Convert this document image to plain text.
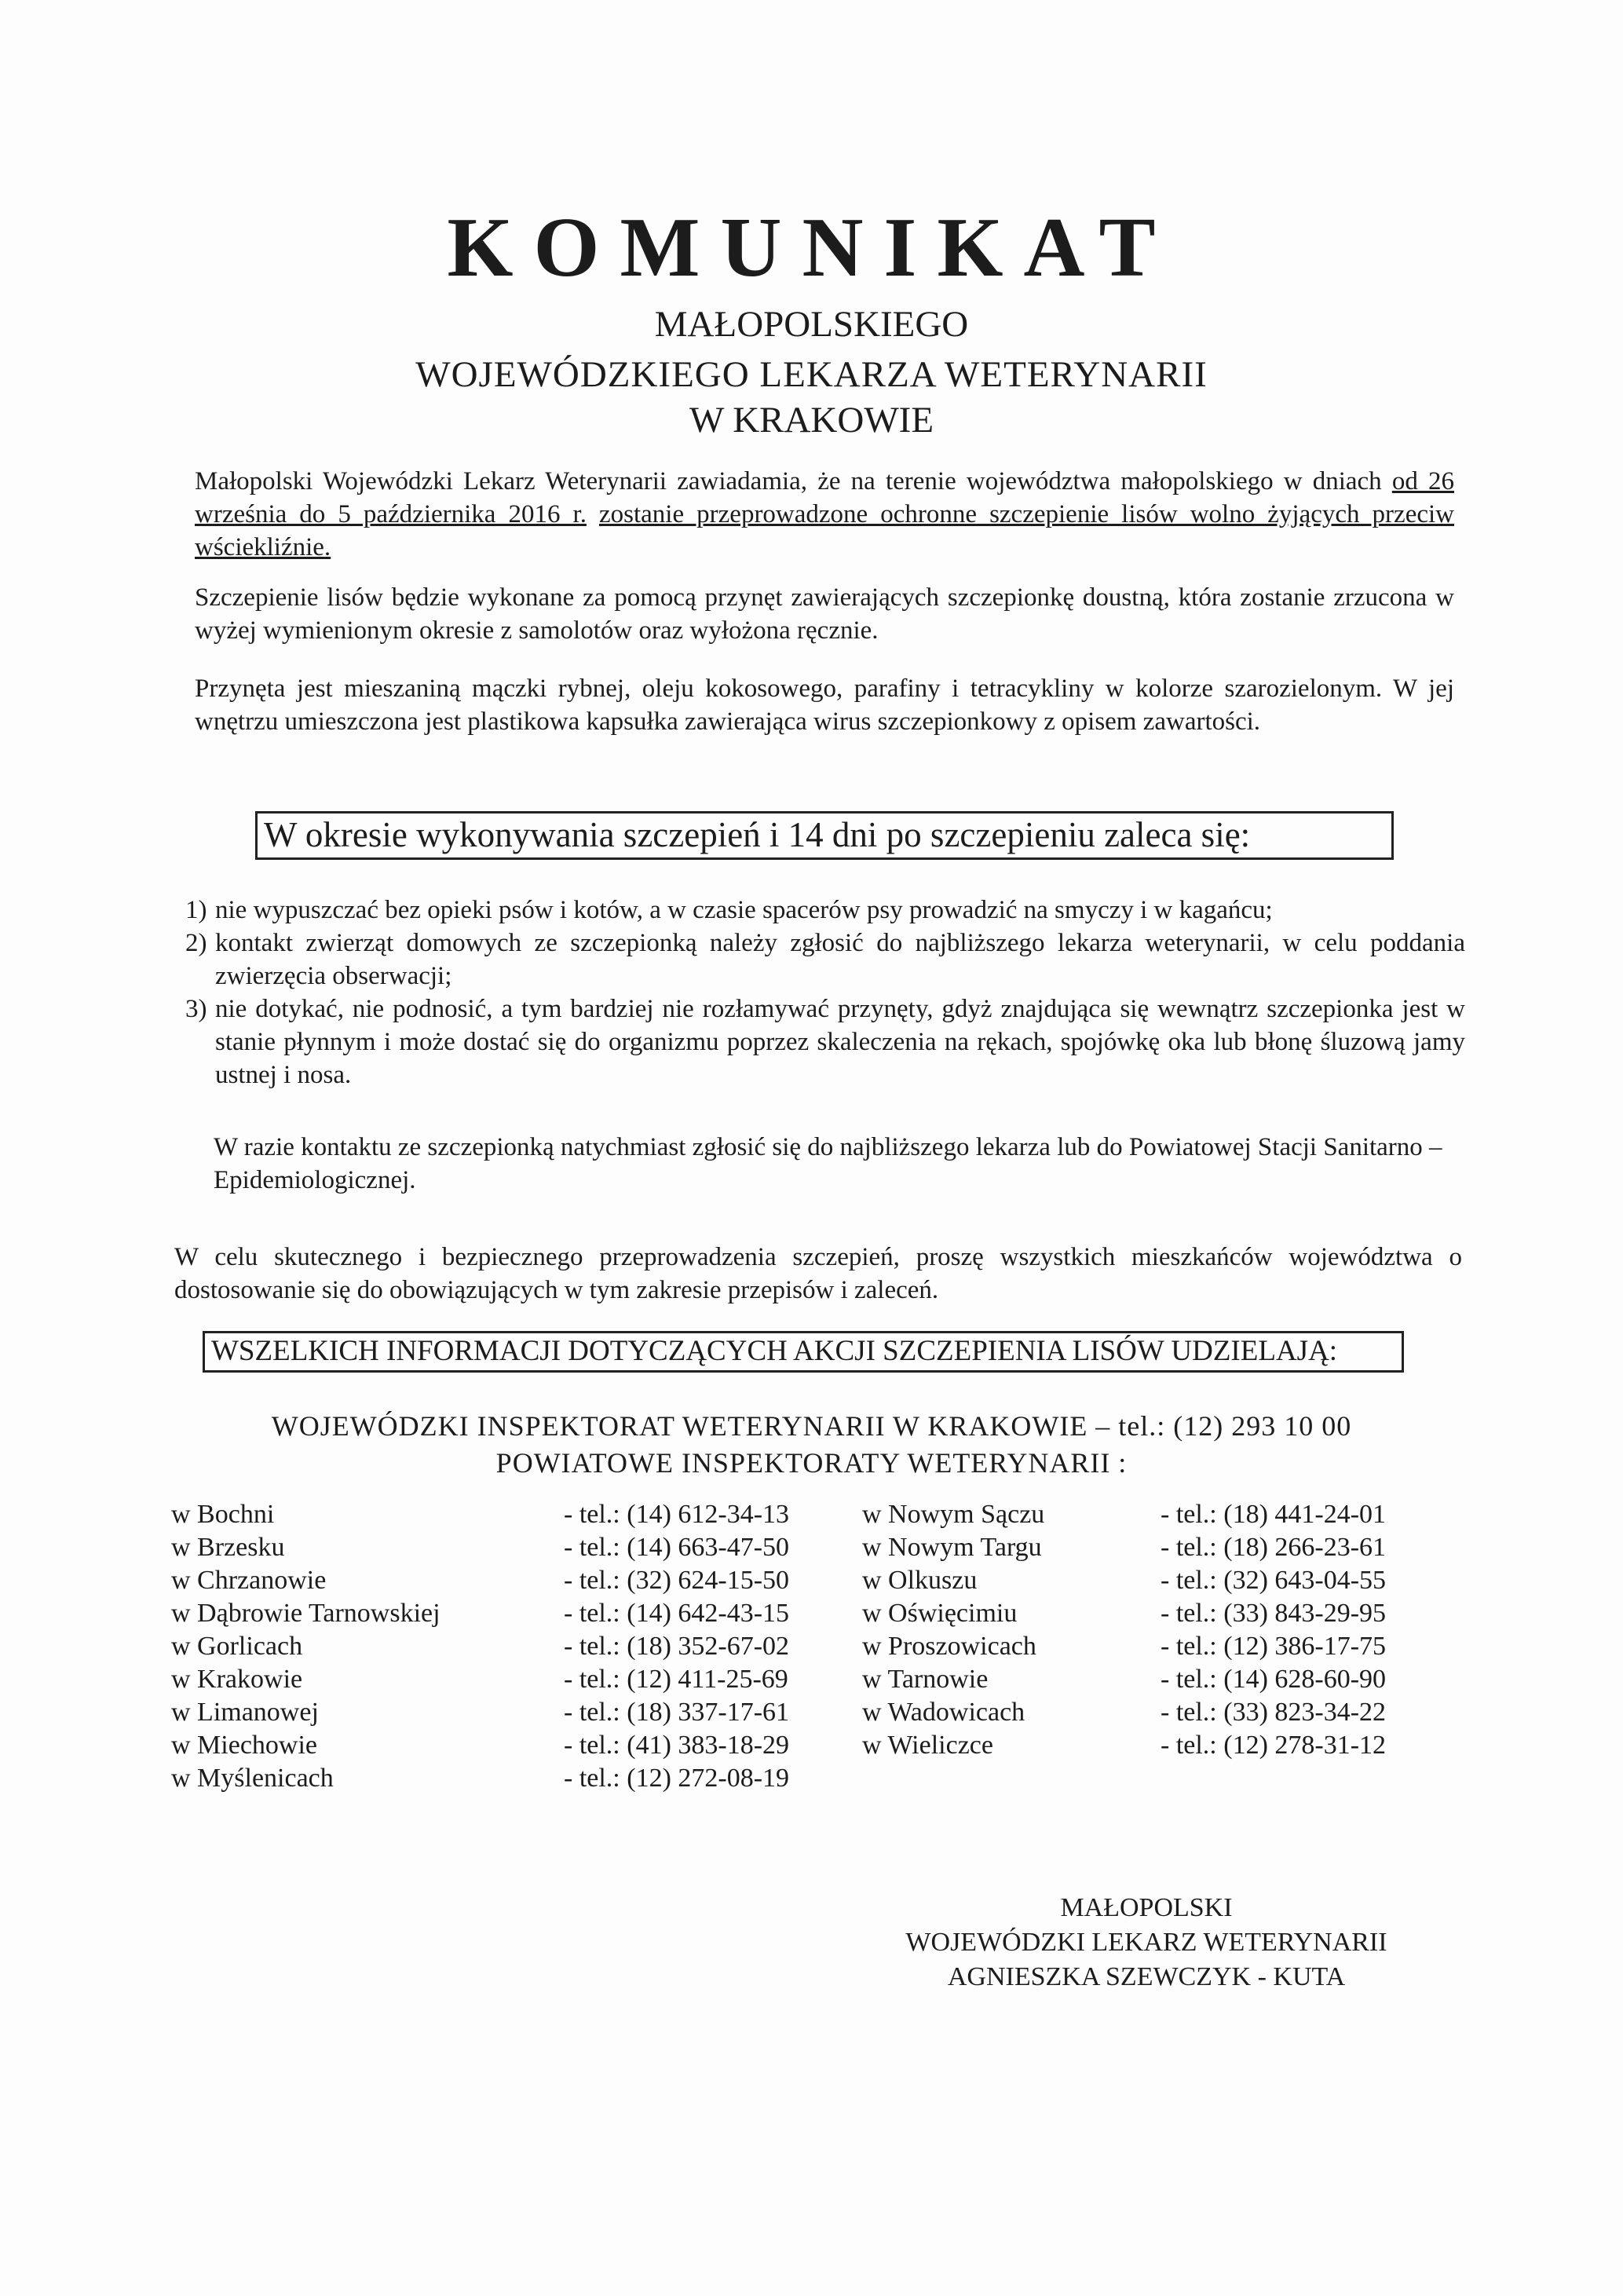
KOMUNIKAT
MAŁOPOLSKIEGO
WOJEWÓDZKIEGO LEKARZA WETERYNARII
W KRAKOWIE
Małopolski Wojewódzki Lekarz Weterynarii zawiadamia, że na terenie województwa małopolskiego w dniach od 26 września do 5 października 2016 r. zostanie przeprowadzone ochronne szczepienie lisów wolno żyjących przeciw wściekliźnie.
Szczepienie lisów będzie wykonane za pomocą przynęt zawierających szczepionkę doustną, która zostanie zrzucona w wyżej wymienionym okresie z samolotów oraz wyłożona ręcznie.
Przynęta jest mieszaniną mączki rybnej, oleju kokosowego, parafiny i tetracykliny w kolorze szarozielonym. W jej wnętrzu umieszczona jest plastikowa kapsułka zawierająca wirus szczepionkowy z opisem zawartości.
W okresie wykonywania szczepień i 14 dni po szczepieniu zaleca się:
1) nie wypuszczać bez opieki psów i kotów, a w czasie spacerów psy prowadzić na smyczy i w kagańcu;
2) kontakt zwierząt domowych ze szczepionką należy zgłosić do najbliższego lekarza weterynarii, w celu poddania zwierzęcia obserwacji;
3) nie dotykać, nie podnosić, a tym bardziej nie rozłamywać przynęty, gdyż znajdująca się wewnątrz szczepionka jest w stanie płynnym i może dostać się do organizmu poprzez skaleczenia na rękach, spojówkę oka lub błonę śluzową jamy ustnej i nosa.
W razie kontaktu ze szczepionką natychmiast zgłosić się do najbliższego lekarza lub do Powiatowej Stacji Sanitarno – Epidemiologicznej.
W celu skutecznego i bezpiecznego przeprowadzenia szczepień, proszę wszystkich mieszkańców województwa o dostosowanie się do obowiązujących w tym zakresie przepisów i zaleceń.
WSZELKICH INFORMACJI DOTYCZĄCYCH AKCJI SZCZEPIENIA LISÓW UDZIELAJĄ:
WOJEWÓDZKI INSPEKTORAT WETERYNARII W KRAKOWIE – tel.: (12) 293 10 00
POWIATOWE INSPEKTORATY WETERYNARII :
w Bochni
w Brzesku
w Chrzanowie
w Dąbrowie Tarnowskiej
w Gorlicach
w Krakowie
w Limanowej
w Miechowie
w Myślenicach
- tel.: (14) 612-34-13
- tel.: (14) 663-47-50
- tel.: (32) 624-15-50
- tel.: (14) 642-43-15
- tel.: (18) 352-67-02
- tel.: (12) 411-25-69
- tel.: (18) 337-17-61
- tel.: (41) 383-18-29
- tel.: (12) 272-08-19
w Nowym Sączu
w Nowym Targu
w Olkuszu
w Oświęcimiu
w Proszowicach
w Tarnowie
w Wadowicach
w Wieliczce
- tel.: (18) 441-24-01
- tel.: (18) 266-23-61
- tel.: (32) 643-04-55
- tel.: (33) 843-29-95
- tel.: (12) 386-17-75
- tel.: (14) 628-60-90
- tel.: (33) 823-34-22
- tel.: (12) 278-31-12
MAŁOPOLSKI
WOJEWÓDZKI LEKARZ WETERYNARII
AGNIESZKA SZEWCZYK - KUTA
